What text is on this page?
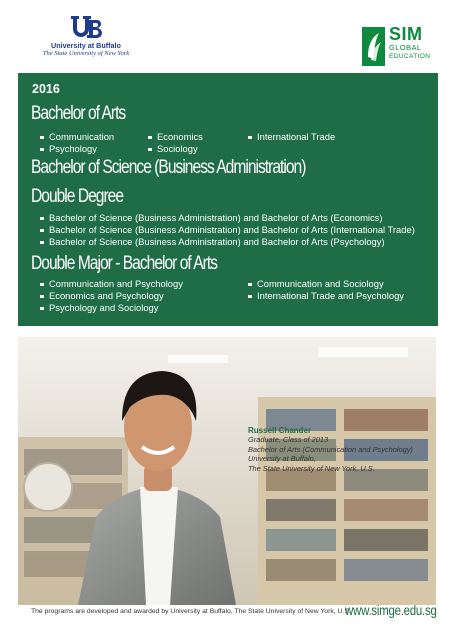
University at Buffalo
The State University of New York
SIM
GLOBAL
EDUCATION
2016
Bachelor of Arts
Communication
Psychology
Economics
Sociology
International Trade
Bachelor of Science (Business Administration)
Double Degree
Bachelor of Science (Business Administration) and Bachelor of Arts (Economics)
Bachelor of Science (Business Administration) and Bachelor of Arts (International Trade)
Bachelor of Science (Business Administration) and Bachelor of Arts (Psychology)
Double Major - Bachelor of Arts
Communication and Psychology
Economics and Psychology
Psychology and Sociology
Communication and Sociology
International Trade and Psychology
Russell Chander
Graduate, Class of 2013
Bachelor of Arts (Communication and Psychology)
University at Buffalo,
The State University of New York, U.S.
The programs are developed and awarded by University at Buffalo, The State University of New York, U.S.
www.simge.edu.sg
